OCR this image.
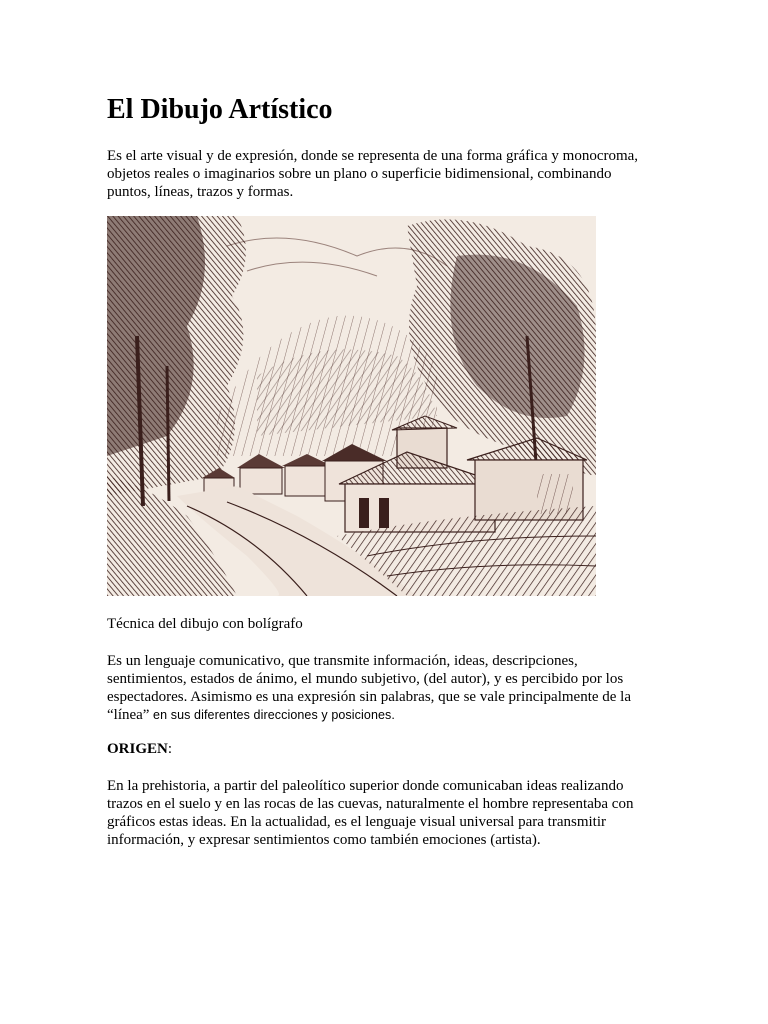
El Dibujo Artístico

Es el arte visual y de expresión, donde se representa de una forma gráfica y monocroma, objetos reales o imaginarios sobre un plano o superficie bidimensional, combinando puntos, líneas, trazos y formas.

Técnica del dibujo con bolígrafo

Es un lenguaje comunicativo, que transmite información, ideas, descripciones, sentimientos, estados de ánimo, el mundo subjetivo, (del autor), y es percibido por los espectadores. Asimismo es una expresión sin palabras, que se vale principalmente de la “línea” en sus diferentes direcciones y posiciones.

ORIGEN:

En la prehistoria, a partir del paleolítico superior donde comunicaban ideas realizando trazos en el suelo y en las rocas de las cuevas, naturalmente el hombre representaba con gráficos estas ideas. En la actualidad, es el lenguaje visual universal para transmitir información, y expresar sentimientos como también emociones (artista).
